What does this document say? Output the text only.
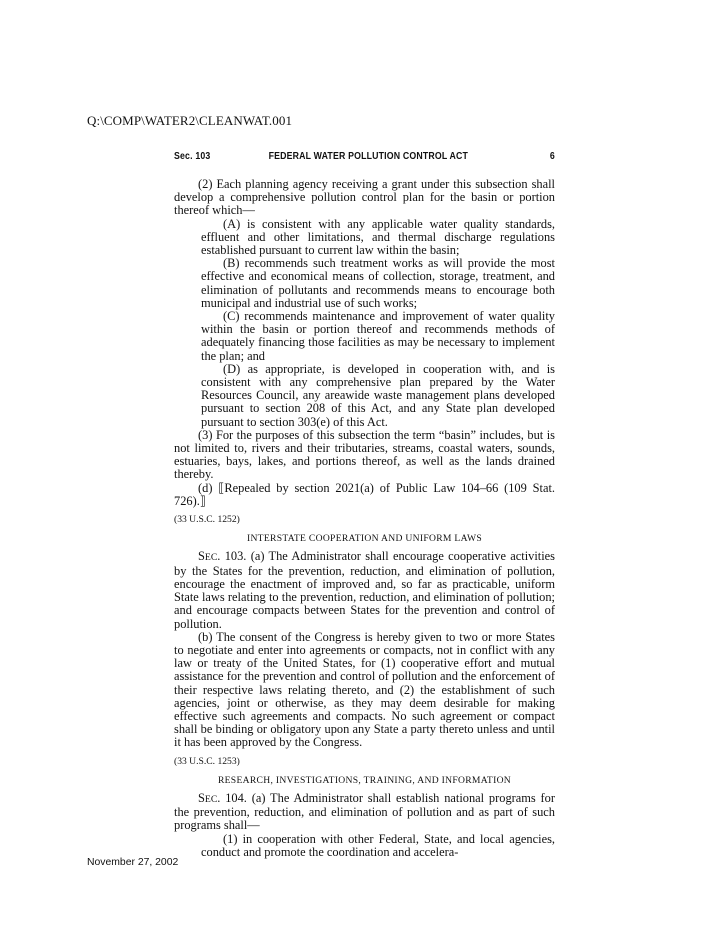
Q:\COMP\WATER2\CLEANWAT.001
Sec. 103	FEDERAL WATER POLLUTION CONTROL ACT	6

(2) Each planning agency receiving a grant under this subsection shall develop a comprehensive pollution control plan for the basin or portion thereof which—

(A) is consistent with any applicable water quality standards, effluent and other limitations, and thermal discharge regulations established pursuant to current law within the basin;

(B) recommends such treatment works as will provide the most effective and economical means of collection, storage, treatment, and elimination of pollutants and recommends means to encourage both municipal and industrial use of such works;

(C) recommends maintenance and improvement of water quality within the basin or portion thereof and recommends methods of adequately financing those facilities as may be necessary to implement the plan; and

(D) as appropriate, is developed in cooperation with, and is consistent with any comprehensive plan prepared by the Water Resources Council, any areawide waste management plans developed pursuant to section 208 of this Act, and any State plan developed pursuant to section 303(e) of this Act.

(3) For the purposes of this subsection the term “basin” includes, but is not limited to, rivers and their tributaries, streams, coastal waters, sounds, estuaries, bays, lakes, and portions thereof, as well as the lands drained thereby.

(d) ⟦Repealed by section 2021(a) of Public Law 104–66 (109 Stat. 726).⟧

(33 U.S.C. 1252)

INTERSTATE COOPERATION AND UNIFORM LAWS

SEC. 103. (a) The Administrator shall encourage cooperative activities by the States for the prevention, reduction, and elimination of pollution, encourage the enactment of improved and, so far as practicable, uniform State laws relating to the prevention, reduction, and elimination of pollution; and encourage compacts between States for the prevention and control of pollution.

(b) The consent of the Congress is hereby given to two or more States to negotiate and enter into agreements or compacts, not in conflict with any law or treaty of the United States, for (1) cooperative effort and mutual assistance for the prevention and control of pollution and the enforcement of their respective laws relating thereto, and (2) the establishment of such agencies, joint or otherwise, as they may deem desirable for making effective such agreements and compacts. No such agreement or compact shall be binding or obligatory upon any State a party thereto unless and until it has been approved by the Congress.

(33 U.S.C. 1253)

RESEARCH, INVESTIGATIONS, TRAINING, AND INFORMATION

SEC. 104. (a) The Administrator shall establish national programs for the prevention, reduction, and elimination of pollution and as part of such programs shall—

(1) in cooperation with other Federal, State, and local agencies, conduct and promote the coordination and accelera-

November 27, 2002
